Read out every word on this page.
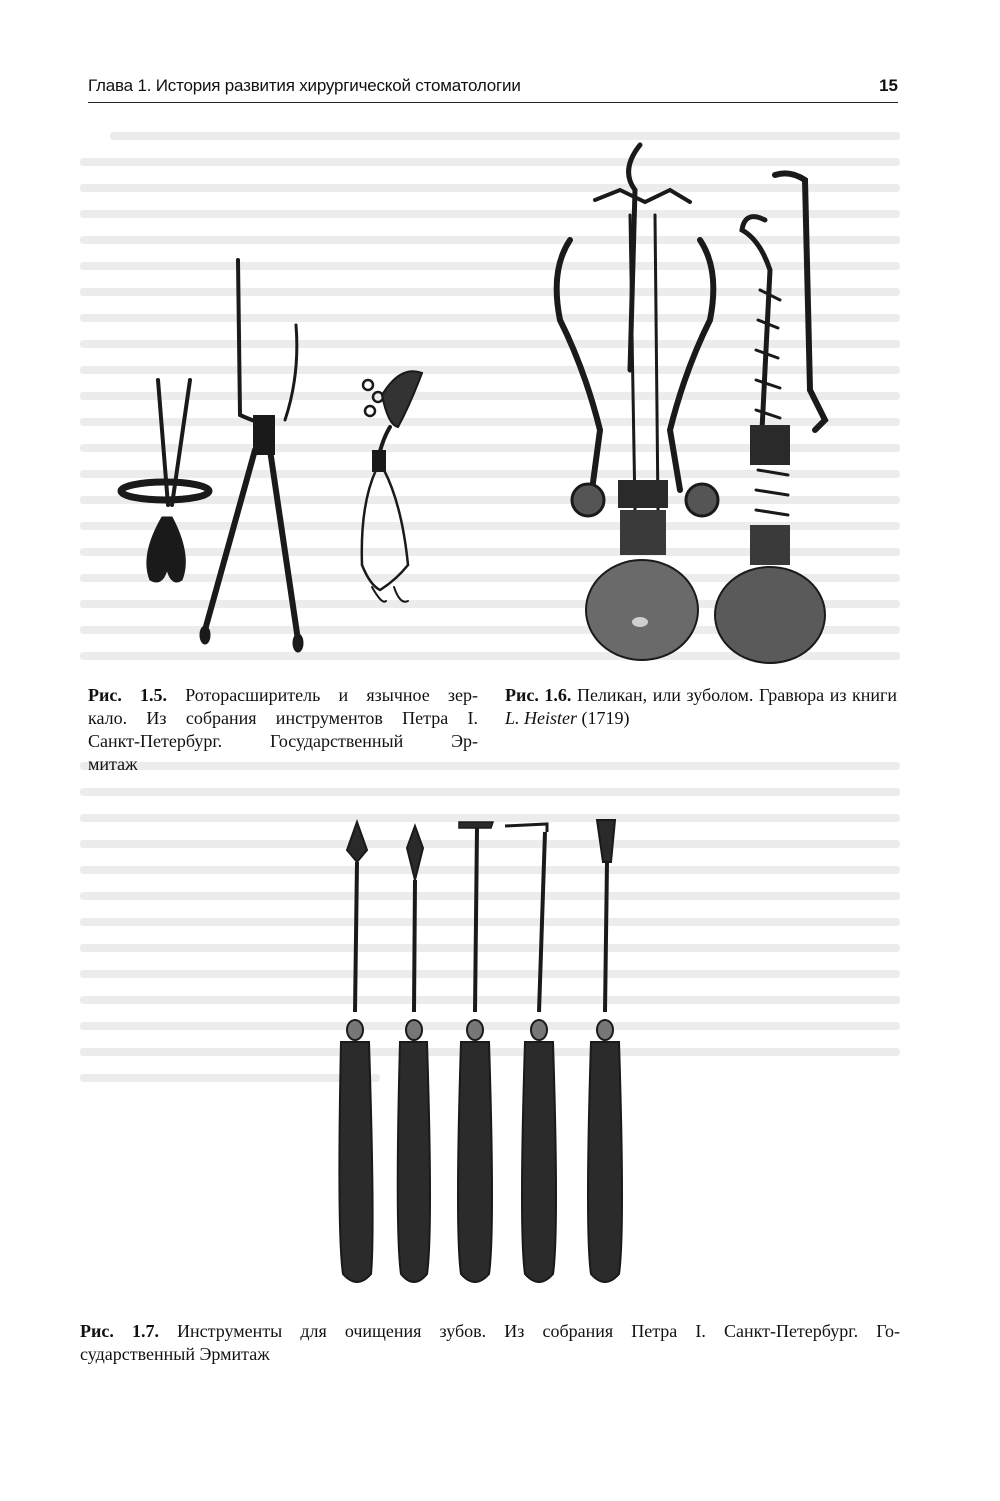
Глава 1. История развития хирургической стоматологии	15
Рис. 1.5. Роторасширитель и язычное зер-
кало. Из собрания инструментов Петра I.
Санкт-Петербург. Государственный Эр-
митаж
Рис. 1.6. Пеликан, или зуболом. Гравюра из книги L. Heister (1719)
Рис. 1.7. Инструменты для очищения зубов. Из собрания Петра I. Санкт-Петербург. Го-
сударственный Эрмитаж
